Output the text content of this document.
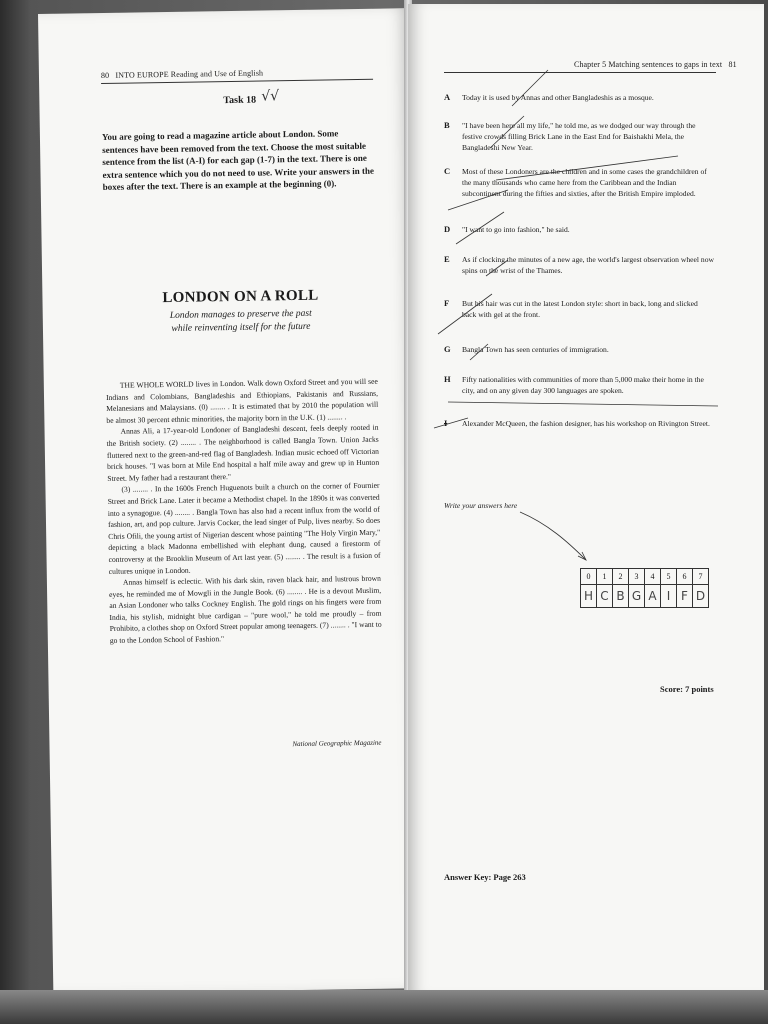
80 INTO EUROPE Reading and Use of English
Task 18 √√
You are going to read a magazine article about London. Some sentences have been removed from the text. Choose the most suitable sentence from the list (A-I) for each gap (1-7) in the text. There is one extra sentence which you do not need to use. Write your answers in the boxes after the text. There is an example at the beginning (0).
LONDON ON A ROLL
London manages to preserve the past
while reinventing itself for the future

THE WHOLE WORLD lives in London. Walk down Oxford Street and you will see Indians and Colombians, Bangladeshis and Ethiopians, Pakistanis and Russians, Melanesians and Malaysians. (0) ........ . It is estimated that by 2010 the population will be almost 30 percent ethnic minorities, the majority born in the U.K. (1) ........ .

Annas Ali, a 17-year-old Londoner of Bangladeshi descent, feels deeply rooted in the British society. (2) ........ . The neighborhood is called Bangla Town. Union Jacks fluttered next to the green-and-red flag of Bangladesh. Indian music echoed off Victorian brick houses. "I was born at Mile End hospital a half mile away and grew up in Hunton Street. My father had a restaurant there."

(3) ........ . In the 1600s French Huguenots built a church on the corner of Fournier Street and Brick Lane. Later it became a Methodist chapel. In the 1890s it was converted into a synagogue. (4) ........ . Bangla Town has also had a recent influx from the world of fashion, art, and pop culture. Jarvis Cocker, the lead singer of Pulp, lives nearby. So does Chris Ofili, the young artist of Nigerian descent whose painting "The Holy Virgin Mary," depicting a black Madonna embellished with elephant dung, caused a firestorm of controversy at the Brooklin Museum of Art last year. (5) ........ . The result is a fusion of cultures unique in London.

Annas himself is eclectic. With his dark skin, raven black hair, and lustrous brown eyes, he reminded me of Mowgli in the Jungle Book. (6) ........ . He is a devout Muslim, an Asian Londoner who talks Cockney English. The gold rings on his fingers were from India, his stylish, midnight blue cardigan – "pure wool," he told me proudly – from Prohibito, a clothes shop on Oxford Street popular among teenagers. (7) ........ . "I want to go to the London School of Fashion."

National Geographic Magazine
Chapter 5 Matching sentences to gaps in text 81
A Today it is used by Annas and other Bangladeshis as a mosque.
B "I have been here all my life," he told me, as we dodged our way through the festive crowds filling Brick Lane in the East End for Baishakhi Mela, the Bangladeshi New Year.
C Most of these Londoners are the children and in some cases the grandchildren of the many thousands who came here from the Caribbean and the Indian subcontinent during the fifties and sixties, after the British Empire imploded.
D "I want to go into fashion," he said.
E As if clocking the minutes of a new age, the world's largest observation wheel now spins on the wrist of the Thames.
F But his hair was cut in the latest London style: short in back, long and slicked back with gel at the front.
G Bangla Town has seen centuries of immigration.
H Fifty nationalities with communities of more than 5,000 make their home in the city, and on any given day 300 languages are spoken.
I Alexander McQueen, the fashion designer, has his workshop on Rivington Street.
Write your answers here
0	1	2	3	4	5	6	7
H	C	B	G	A	I	F	D
Score: 7 points
Answer Key: Page 263
